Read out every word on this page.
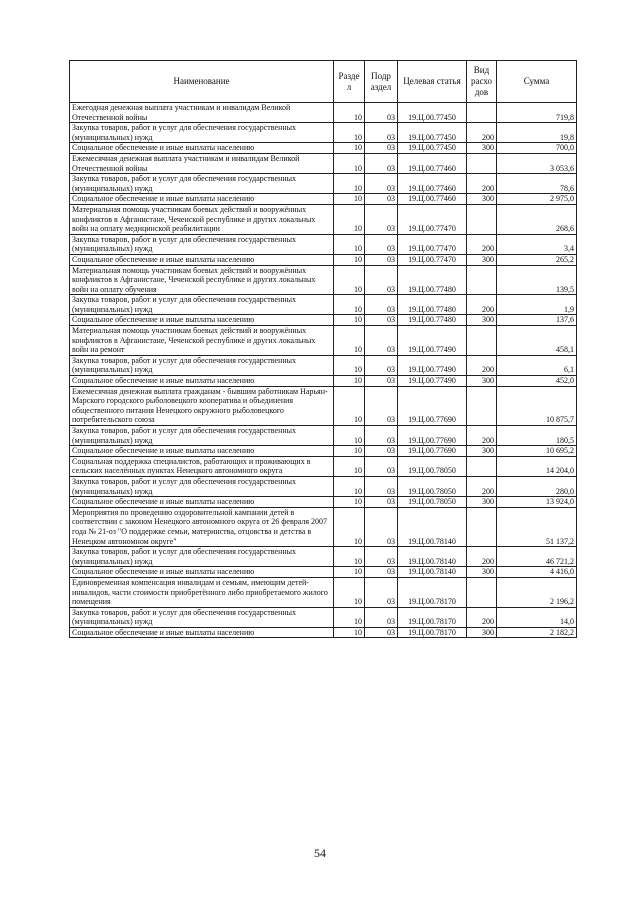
Наименование	Разде л	Подр аздел	Целевая статья	Вид расхо дов	Сумма
Ежегодная денежная выплата участникам и инвалидам Великой Отечественной войны	10	03	19.Ц.00.77450		719,8
Закупка товаров, работ и услуг для обеспечения государственных (муниципальных) нужд	10	03	19.Ц.00.77450	200	19,8
Социальное обеспечение и иные выплаты населению	10	03	19.Ц.00.77450	300	700,0
Ежемесячная денежная выплата участникам и инвалидам Великой Отечественной войны	10	03	19.Ц.00.77460		3 053,6
Закупка товаров, работ и услуг для обеспечения государственных (муниципальных) нужд	10	03	19.Ц.00.77460	200	78,6
Социальное обеспечение и иные выплаты населению	10	03	19.Ц.00.77460	300	2 975,0
Материальная помощь участникам боевых действий и вооружённых конфликтов в Афганистане, Чеченской республике и других локальных войн на оплату медицинской реабилитации	10	03	19.Ц.00.77470		268,6
Закупка товаров, работ и услуг для обеспечения государственных (муниципальных) нужд	10	03	19.Ц.00.77470	200	3,4
Социальное обеспечение и иные выплаты населению	10	03	19.Ц.00.77470	300	265,2
Материальная помощь участникам боевых действий и вооружённых конфликтов в Афганистане, Чеченской республике и других локальных войн на оплату обучения	10	03	19.Ц.00.77480		139,5
Закупка товаров, работ и услуг для обеспечения государственных (муниципальных) нужд	10	03	19.Ц.00.77480	200	1,9
Социальное обеспечение и иные выплаты населению	10	03	19.Ц.00.77480	300	137,6
Материальная помощь участникам боевых действий и вооружённых конфликтов в Афганистане, Чеченской республике и других локальных войн на ремонт	10	03	19.Ц.00.77490		458,1
Закупка товаров, работ и услуг для обеспечения государственных (муниципальных) нужд	10	03	19.Ц.00.77490	200	6,1
Социальное обеспечение и иные выплаты населению	10	03	19.Ц.00.77490	300	452,0
Ежемесячная денежная выплата гражданам - бывшим работникам Нарьян-Марского городского рыболовецкого кооператива и объединения общественного питания Ненецкого окружного рыболовецкого потребительского союза	10	03	19.Ц.00.77690		10 875,7
Закупка товаров, работ и услуг для обеспечения государственных (муниципальных) нужд	10	03	19.Ц.00.77690	200	180,5
Социальное обеспечение и иные выплаты населению	10	03	19.Ц.00.77690	300	10 695,2
Социальная поддержка специалистов, работающих и проживающих в сельских населённых пунктах Ненецкого автономного округа	10	03	19.Ц.00.78050		14 204,0
Закупка товаров, работ и услуг для обеспечения государственных (муниципальных) нужд	10	03	19.Ц.00.78050	200	280,0
Социальное обеспечение и иные выплаты населению	10	03	19.Ц.00.78050	300	13 924,0
Мероприятия по проведению оздоровительной кампании детей в соответствии с законом Ненецкого автономного округа от 26 февраля 2007 года № 21-оз "О поддержке семьи, материнства, отцовства и детства в Ненецком автономном округе"	10	03	19.Ц.00.78140		51 137,2
Закупка товаров, работ и услуг для обеспечения государственных (муниципальных) нужд	10	03	19.Ц.00.78140	200	46 721,2
Социальное обеспечение и иные выплаты населению	10	03	19.Ц.00.78140	300	4 416,0
Единовременная компенсация инвалидам и семьям, имеющим детей-инвалидов, части стоимости приобретённого либо приобретаемого жилого помещения	10	03	19.Ц.00.78170		2 196,2
Закупка товаров, работ и услуг для обеспечения государственных (муниципальных) нужд	10	03	19.Ц.00.78170	200	14,0
Социальное обеспечение и иные выплаты населению	10	03	19.Ц.00.78170	300	2 182,2
54
